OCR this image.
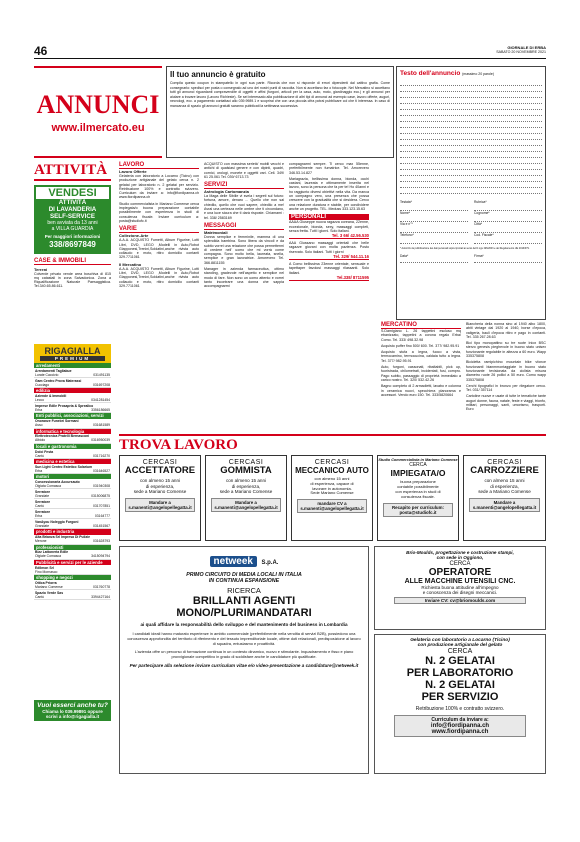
46	GIORNALE DI ERBA
SABATO 20 NOVEMBRE 2021
ANNUNCI
www.ilmercato.eu
Il tuo annuncio è gratuito
Compila questo coupon in stampatello in ogni sua parte. Ricorda che non si risponde di errori dipendenti dal cattivo grafia. Come consegnarlo: spedisci per posta o consegnalo ad uno dei nostri punti di raccolta. Non si accettano fax o fotocopie. Nel Mercatino si accettano tutti gli annunci riguardanti compravendite di oggetti e affini (furgoni, articoli per la casa, auto, moto, giardinaggio ecc.) e gli annunci per aiutare a trovare lavoro (Lavoro Richieste). Se sei interessato alla pubblicazione di altri tipi di annunci ad esempio case, lavoro offerte, auguri, necrologi, ecc. a pagamento contattaci allo 039.9989.1 e scoprirai che con una piccola cifra potrai pubblicare col che ti interessa. In caso di mancanza di spazio gli annunci gratuiti saranno pubblicati la settimana successiva.
Testo dell'annuncio (massimo 20 parole)
Testata*
Nome*
Via e n°*
Telefono*
Rubrica*
Cognome*
Città*
Cod. Fiscale*
* Autorizzo la pubblicazione dei dati personali sopra riportati ai sensi del D.Lgs 196/2003 e del Regolamento UE 2016/679.
Data*	Firma*
ATTIVITÀ
VENDESI
ATTIVITÀ
DI LAVANDERIA
SELF-SERVICE
ben avviata da 13 anni
a VILLA GUARDIA
Per maggiori informazioni
338/8697849
CASE & IMMOBILI
Terreni
Colverde privato vende area boschiva di 815 mq catastali in zona Salvadonica. Zona a Riqualificazione Naturale Paesaggistica. Tel.340.65.86.611.
RIGAGIALLA
PREMIUM
arredamenti
Arredamenti Tagliabue
Lurate Caccivio	031491135
Gam Centro Prova Materassi
Cucciago	031697208
edilizia
Aziende & Immobili
Lecco	0341281454
Imprese Edile Prosapria & Sprealico
Erba	3356186665
Enti pubblici, associazioni, servizi
Onoranze Funebri Sormani
Asso	031681589
informatica e tecnologia
Elettrotecnica Pratelli Bernasconi
Albiolo	0316950039
locali e gastronomia
Dolci Festa
Cantù	031716270
medicina e estetica
Sun Light Centro Estetico Solarium
Erba	031646527
motori
Concessionaria Accursauto
Olgiata Comasca	031940308
Serratore
Grandate	0315006875
Serratore
Cantù	031707851
Serratore
Erba	03164777
VanAyou Noleggio Furgoni
Grandate	031451567
prodotti e industria
Alta Brianza Srl Impresa Di Pulizie
Merone	031628793
professionisti
Bizz Lattoneria Edile
Olgiate Comasca	3415094794
Pubblicità e servizi per le aziende
Edilmon Srl
Fino Mornasco
shopping e negozi
Ottica Priorra
Mariano Comense	031760778
Spazio Verde Sas
Cantù	3394427164
Vuoi esserci anche tu?
Chiama lo 039.99891 oppure
scrivi a info@rigagialla.it
LAVORO
Lavoro Offerte
Gelateria con laboratorio a Locarno (Ticino) con produzione artigianale del gelato cerca n. 2 gelatai per laboratorio n. 2 gelatai per servizio. Retribuzione 100% e contratto svizzero. Curriculum da inviare a: info@fiordipanna.ch www.fiordipanna.ch
Studio commercialista in Mariano Comense cerca impiegata/o buona preparazione contabile possibilmente con esperienza in studi di consulenza fiscale. Inviare curriculum a: posta@studiofc.it
VARIE
Collezione-Arte
A.A.A. ACQUISTO Fumetti, Album Figurine, Lotti Libri, DVD, LEGO ,Modelli in Auto,Robot Giapponesi,Trenini,Soldatini,anche rivista auto collaudo e moto, ritiro domicilio contanti 329.7711061
Il Mercatino
A.A.A. ACQUISTO Fumetti, Album Figurine, Lotti Libri, DVD, LEGO ,Modelli in Auto,Robot Giapponesi,Trenini,Soldatini,anche rivista auto collaudo e moto, ritiro domicilio contanti 329.7711061
ACQUISTO con massima serietà' mobili vecchi e antichi di qualsiasi genere e con dipinti, quadri, cornici, orologi, monete e oggetti vari. Cell. 349/ 61 25.061 Tel. 039/ 6713.73
SERVIZI
Astrologia Cartomanzia
La Maga delle Sibille vi svela i segreti sul futuro: fortuna, amore, denaro ... Quello che non sai chiedilo, quello che vuoi sapere, chiedilo a me! Avrai una certezza nelle ombre che ti circondano, e una luce sicura che ti darà risposte. Chiamami : tel. 338/ 2583169
MESSAGGI
Matrimoniali
Donna semplice e femminile, mamma di una splendida bambina. Sono libera da vincoli e da subito vorrei una relazione che possa permettermi di credere nell' uomo che mi vorrà come compagna. Sono molto bella, laureata, snella, semplice e gran lavoratrice. Amorevero Tel. 366.8811155
Manager in azienda farmaceutica, ottimo standing, gradevole nell'aspetto e semplice nel modo di fare. Non sono un uomo attento e vorrei tanto incontrare una donna che sappia accompagnarmi
compagnarmi sempre. Ti cerco max 55enne, preferibilmente non fumatrice. Tel. Amorevero 346.53.14.827
Mariagrazia, bellissima donna, bionda, occhi castani, laureata e ottimamente inserita nel lavoro, sono la persona che fa per te! Ho 40anni e ho raggiunto diversi obiettivi nella vita. Da manca un compagno vero, una presenza che possa crescere con la gradualità che si desidera. Cerco una relazione duratura e stabile, per condividere anche un progetto. TEL. Meduss 333.123.15.63
PERSONALI
AAAA Giuseppe nuova ragazza coreana, 22enne, eccezionale, bionda, sexy, massaggi completi, senza fretta. Tutti i giorni. Solo italiani.
Tel. 3 66/ 42.56.530
AAA Giussano massaggi orientali che belle ragazze giovani con molta pazienza. Posto riservato. Solo italiani. Tutti i giorni
Tel. 329/ 544.11.16
A Como bellissima 23enne orientale, sensuale e tapettaper favolosi massaggi rilassanti. Solo italiani.
Tel.338/ 8711595
MERCATINO
S.Damigiano L. 26 tappetini escluso mq ebanizzato, tappetini a corona regalo Erba/ Como. Tel. 333/ 498.32.98
Acquisto puffer fino 500/ 600. Tel. 377/ 982.95.91
Acquisto stufa a legna, fuoco a vista, termocamino, termocucina, caldaia tutto a legna. Tel. 377/ 982.95.91
Auto, furgoni, cassonati, ribaltabili, pick up, fuoristrada, chilometrati, incidentati, fusi, compro. Pago subito, passaggio di proprietà immediato a carico nostro. Tel. 320/ 532.42.26
Bagno completo di 2 armadietti, lavabo e colonna in ceramica nuovi, specchiera planorama e accessori. Vendo euro 150. Tel. 333/5820664
Biancheria della nonna sino al 1940 albo 1800, abiti vintage dal 1920 al 1940, borse d'epoca, valigeria, bauli d'epoca ritiro e pago in contanti. Tel. 335 267.28.63
Bici tipo monopattino su tre ruote Iniox BSC sterzo genesis pieghevole in buono stato unisex funzionante regolabile in altezza a 60 euro. Wapp 335375808
Bicicletta ramipichino mountain bike vfonce funzionanti bianmmontaggiate in buono stato funzionante tevisionata da ciclista misura diametro ruote 26 pollici a 50 euro. Como wapp 335375808
Cerchi tipografici in bronzo per rilegatore cerco. Tel. 031/ 357114
Cartoline nuove e usate di tutte le tematiche tante auguri donne, fauna, natale, feste e viaggi, trionfo, militari, personaggi, santi, umorismo, trasporti. Euro
TROVA LAVORO
CERCASI
ACCETTATORE
con almeno 15 anni
di esperienza,
sede a Mariano Comense
Mandare a
s.manenti@angelopellegatta.it
CERCASI
GOMMISTA
con almeno 15 anni
di esperienza,
sede a Mariano Comense
Mandare a
s.manenti@angelopellegatta.it
CERCASI
MECCANICO AUTO
con almeno 15 anni
di esperienza, capace di
lavorare in autonomia.
Sede Mariano Comense
mandare CV a
s.manenti@angelopellegatta.it
Studio Commercialista in Mariano Comense
CERCA
IMPIEGATA/O
buona preparazione
contabile possibilmente
con esperienza in studi di
consulenza fiscale.
Recapito per curriculum:
posta@studiofc.it
CERCASI
CARROZZIERE
con almeno 15 anni
di esperienza,
sede a Mariano Comense
Mandare a
s.manenti@angelopellegatta.it
netweek S.p.A.
PRIMO CIRCUITO DI MEDIA LOCALI IN ITALIA
IN CONTINUA ESPANSIONE
RICERCA
BRILLANTI AGENTI
MONO/PLURIMANDATARI
ai quali affidare la responsabilità dello sviluppo e del mantenimento del business in Lombardia
I candidati ideali hanno maturato esperienze in ambito commerciale (preferibilmente nella vendita di servizi B2B), possiedono una conoscenza approfondita del territorio di riferimento e del tessuto imprenditoriale locale, ottime doti relazionali, predisposizione al lavoro di squadra, entusiasmo e proattività.
L'azienda offre un percorso di formazione continua in un contesto dinamico, nuovo e stimolante. Inquadramento e fisso e piano provvigionale competitivo in grado di soddisfare anche le candidature più qualificate.
Per partecipare alla selezione inviare curriculum vitae e/o video-presentazione a candidature@netweek.it
Brio-Moulds, progettazione e costruzione stampi,
con sede in Oggiono,
CERCA
OPERATORE
ALLE MACCHINE UTENSILI CNC.
Richiesta buona attitudine all'impegno
e conoscenza dei disegni meccanici.
Inviare CV: cv@briomoulds.com
Gelateria con laboratorio a Locarno (Ticino)
con produzione artigianale del gelato
CERCA
N. 2 GELATAI
PER LABORATORIO
N. 2 GELATAI
PER SERVIZIO
Retribuzione 100% e contratto svizzero.
Curriculum da inviare a:
info@fiordipanna.ch
www.fiordipanna.ch
